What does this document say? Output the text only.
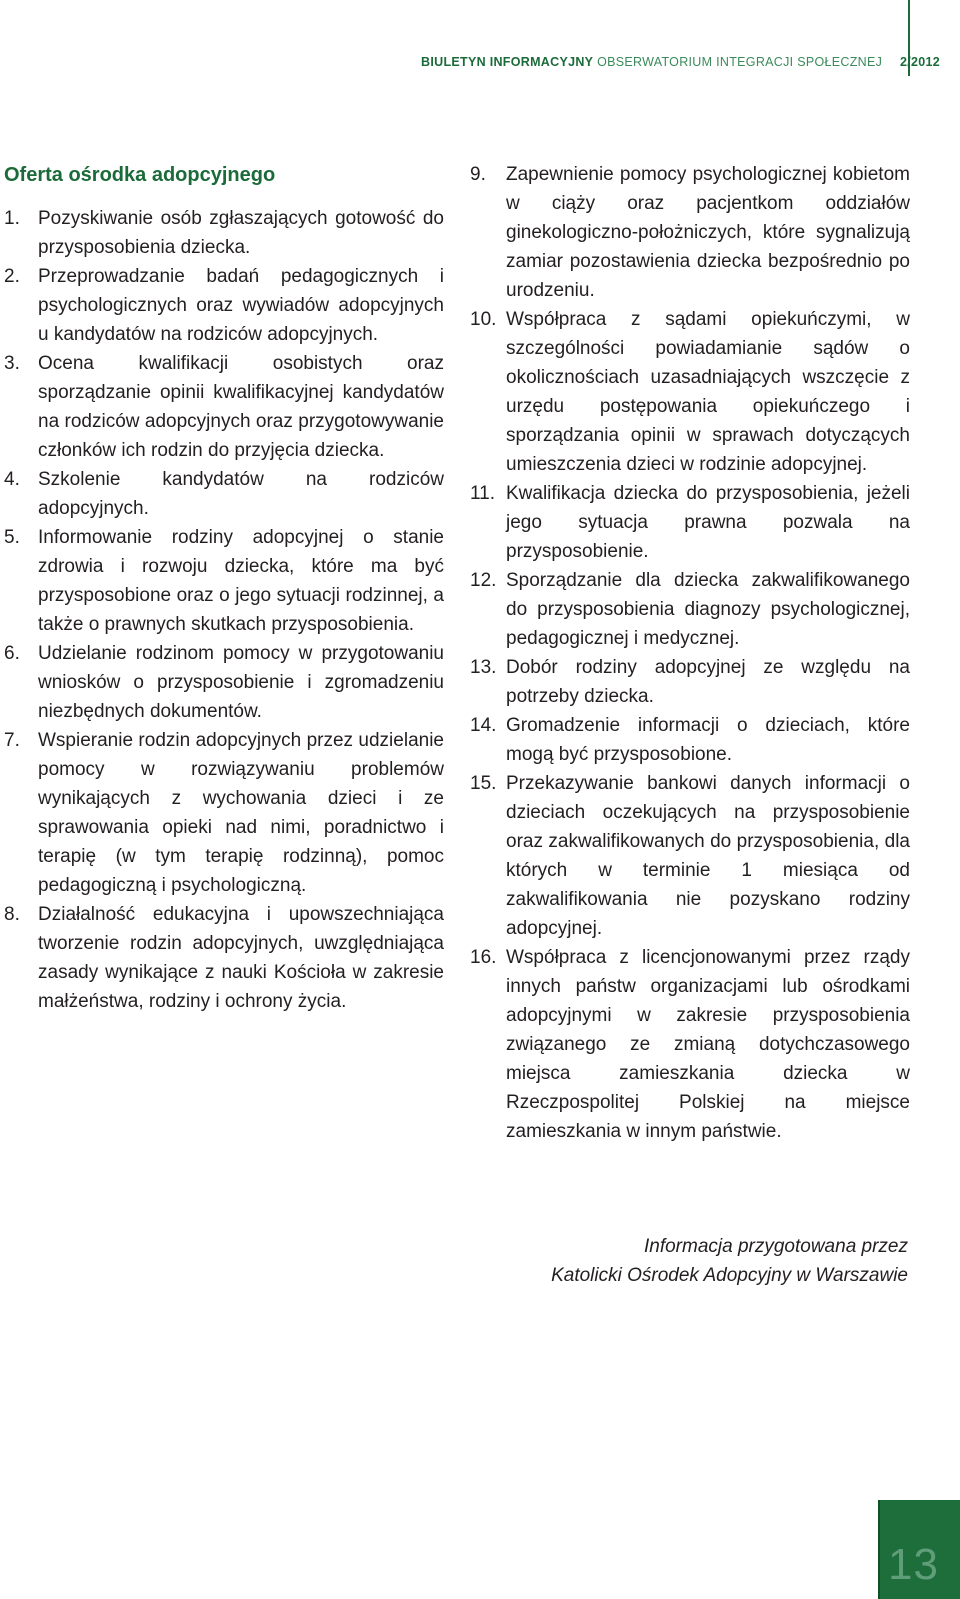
BIULETYN INFORMACYJNY OBSERWATORIUM INTEGRACJI SPOŁECZNEJ 2/2012
Oferta ośrodka adopcyjnego
1. Pozyskiwanie osób zgłaszających gotowość do przysposobienia dziecka.
2. Przeprowadzanie badań pedagogicznych i psychologicznych oraz wywiadów adopcyjnych u kandydatów na rodziców adopcyjnych.
3. Ocena kwalifikacji osobistych oraz sporządzanie opinii kwalifikacyjnej kandydatów na rodziców adopcyjnych oraz przygotowywanie członków ich rodzin do przyjęcia dziecka.
4. Szkolenie kandydatów na rodziców adopcyjnych.
5. Informowanie rodziny adopcyjnej o stanie zdrowia i rozwoju dziecka, które ma być przysposobione oraz o jego sytuacji rodzinnej, a także o prawnych skutkach przysposobienia.
6. Udzielanie rodzinom pomocy w przygotowaniu wniosków o przysposobienie i zgromadzeniu niezbędnych dokumentów.
7. Wspieranie rodzin adopcyjnych przez udzielanie pomocy w rozwiązywaniu problemów wynikających z wychowania dzieci i ze sprawowania opieki nad nimi, poradnictwo i terapię (w tym terapię rodzinną), pomoc pedagogiczną i psychologiczną.
8. Działalność edukacyjna i upowszechniająca tworzenie rodzin adopcyjnych, uwzględniająca zasady wynikające z nauki Kościoła w zakresie małżeństwa, rodziny i ochrony życia.
9.	Zapewnienie pomocy psychologicznej kobietom w ciąży oraz pacjentkom oddziałów ginekologiczno-położniczych, które sygnalizują zamiar pozostawienia dziecka bezpośrednio po urodzeniu.
10. Współpraca z sądami opiekuńczymi, w szczególności powiadamianie sądów o okolicznościach uzasadniających wszczęcie z urzędu postępowania opiekuńczego i sporządzania opinii w sprawach dotyczących umieszczenia dzieci w rodzinie adopcyjnej.
11. Kwalifikacja dziecka do przysposobienia, jeżeli jego sytuacja prawna pozwala na przysposobienie.
12. Sporządzanie dla dziecka zakwalifikowanego do przysposobienia diagnozy psychologicznej, pedagogicznej i medycznej.
13. Dobór rodziny adopcyjnej ze względu na potrzeby dziecka.
14. Gromadzenie informacji o dzieciach, które mogą być przysposobione.
15. Przekazywanie bankowi danych informacji o dzieciach oczekujących na przysposobienie oraz zakwalifikowanych do przysposobienia, dla których w terminie 1 miesiąca od zakwalifikowania nie pozyskano rodziny adopcyjnej.
16. Współpraca z licencjonowanymi przez rządy innych państw organizacjami lub ośrodkami adopcyjnymi w zakresie przysposobienia związanego ze zmianą dotychczasowego miejsca zamieszkania dziecka w Rzeczpospolitej Polskiej na miejsce zamieszkania w innym państwie.
Informacja przygotowana przez
Katolicki Ośrodek Adopcyjny w Warszawie
13
